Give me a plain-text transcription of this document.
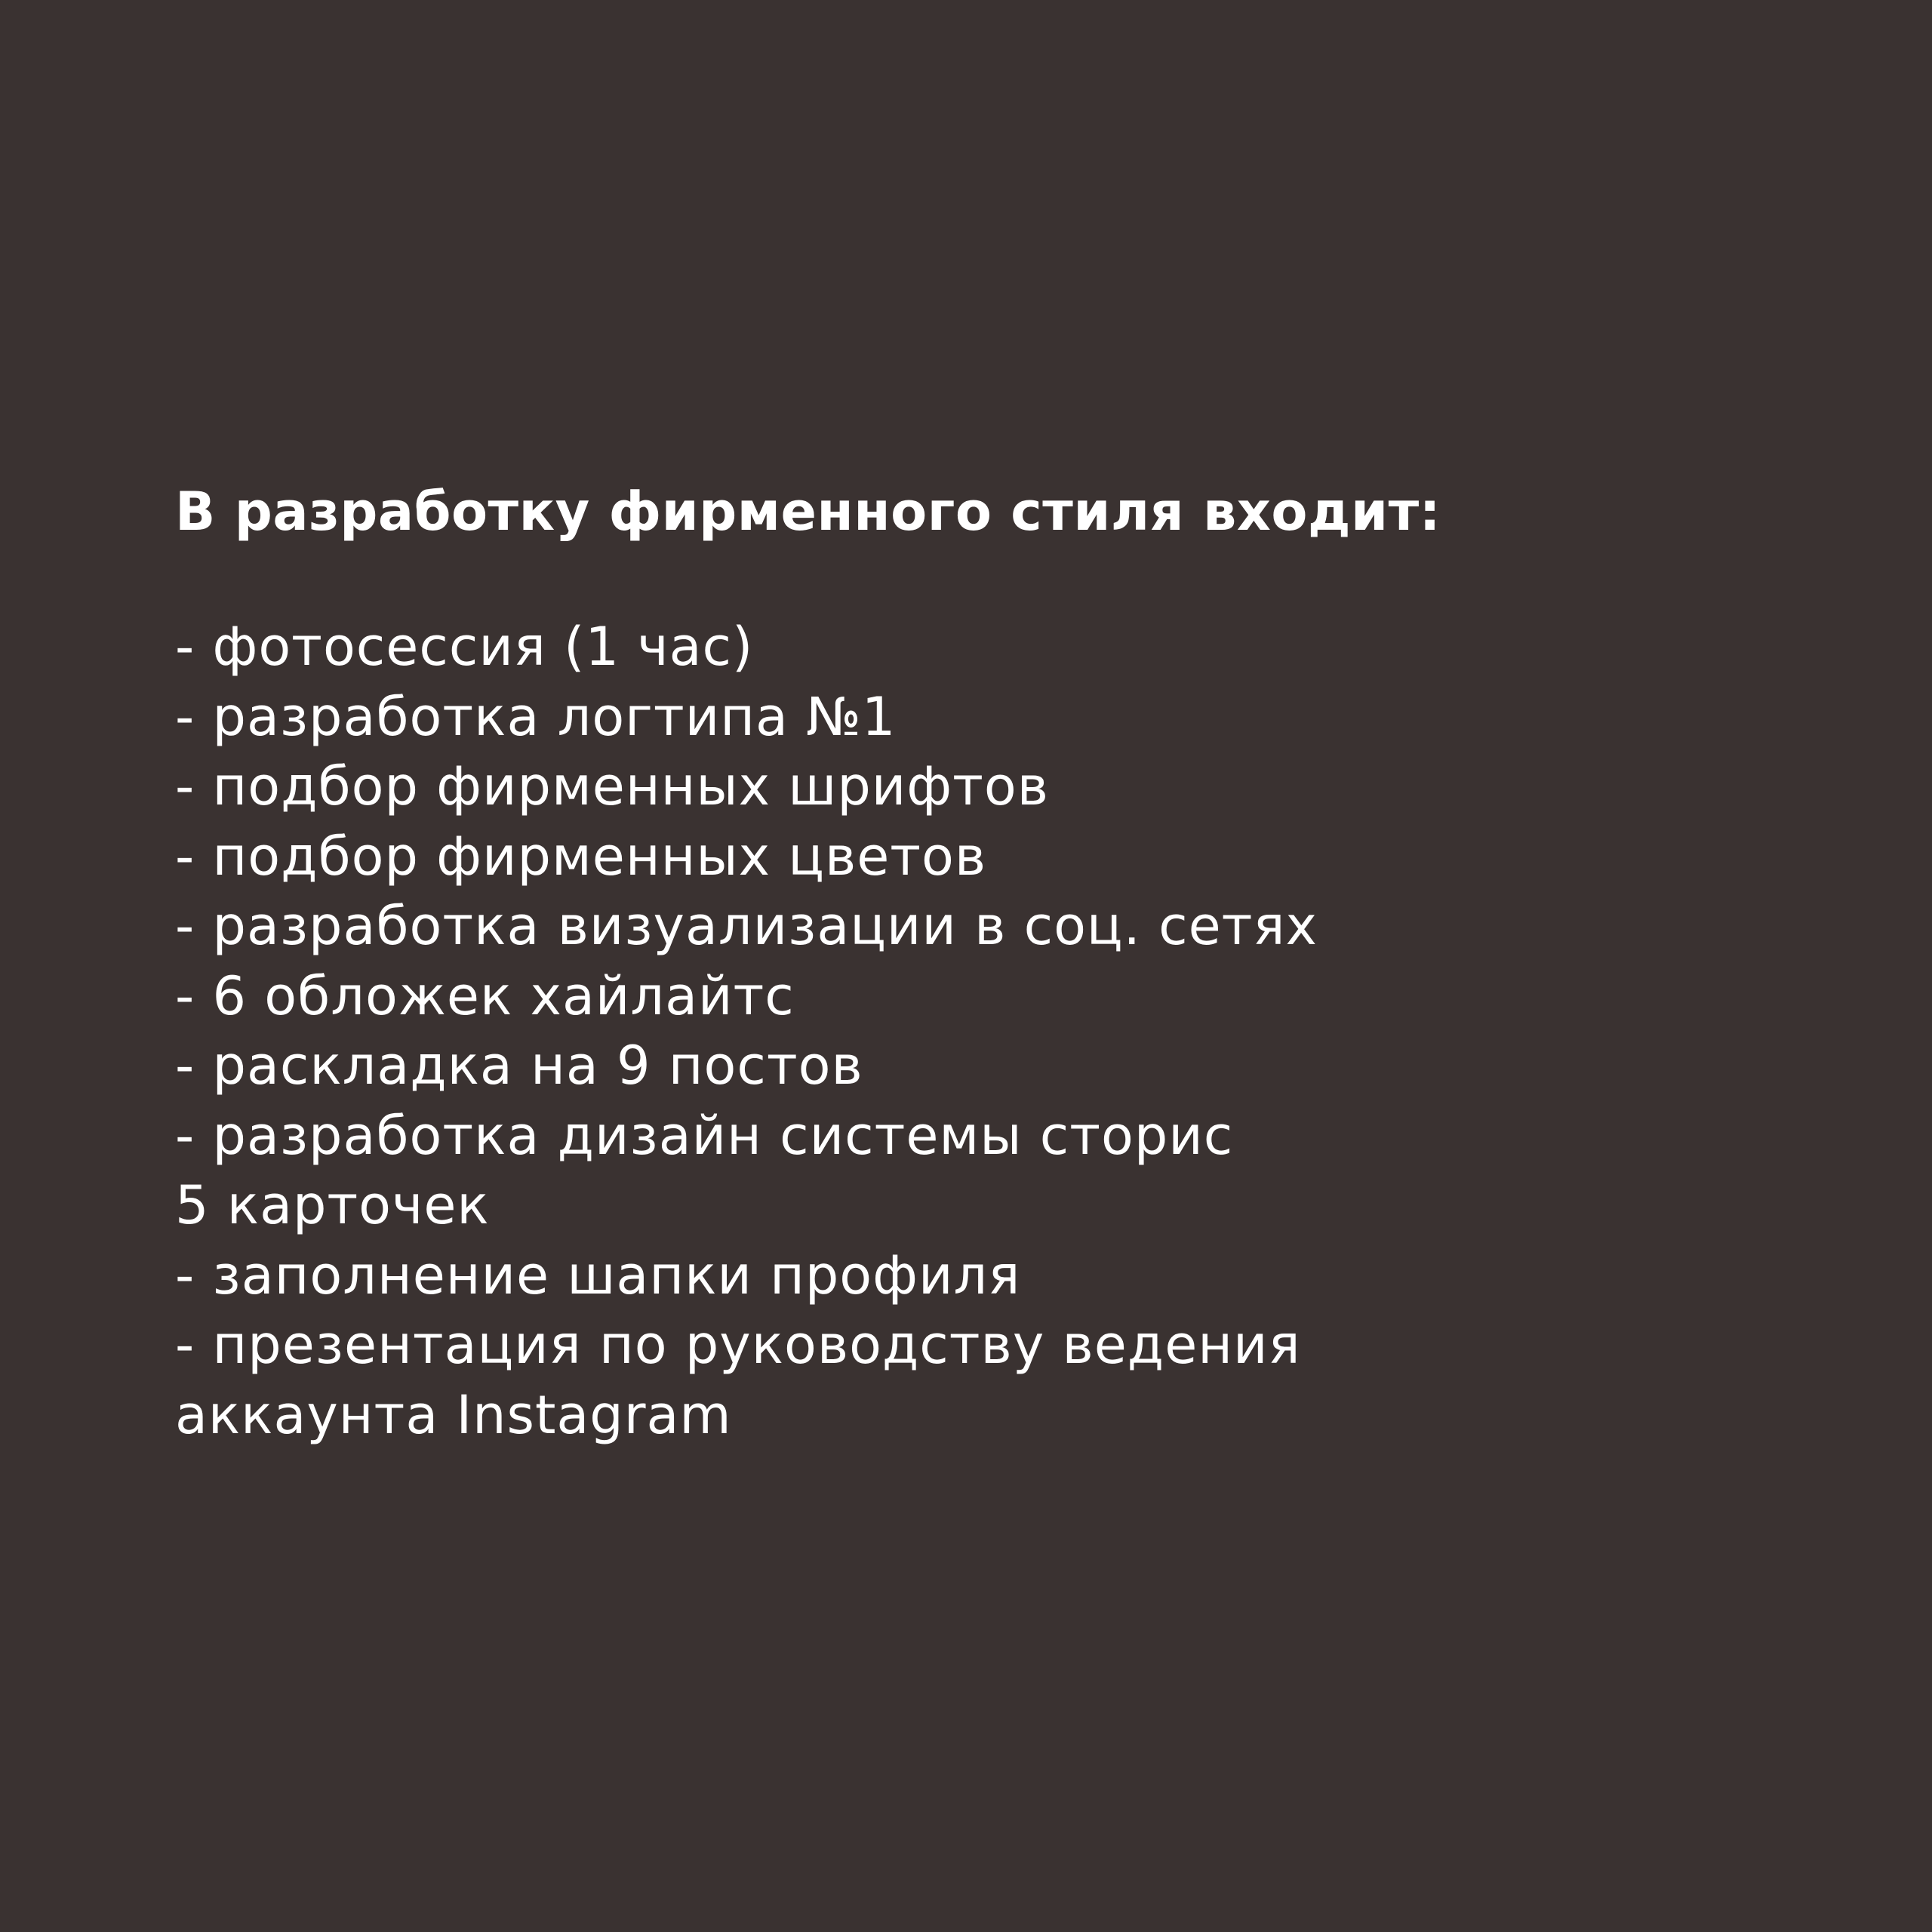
В разработку фирменного стиля входит:
- фотосессия (1 час)
- разработка логтипа №1
- подбор фирменных шрифтов
- подбор фирменных цветов
- разработка визуализации в соц. сетях
- 6 обложек хайлайтс
- раскладка на 9 постов
- разработка дизайн системы сторис
5 карточек
- заполнение шапки профиля
- презентация по руководству ведения
аккаунта Instagram
